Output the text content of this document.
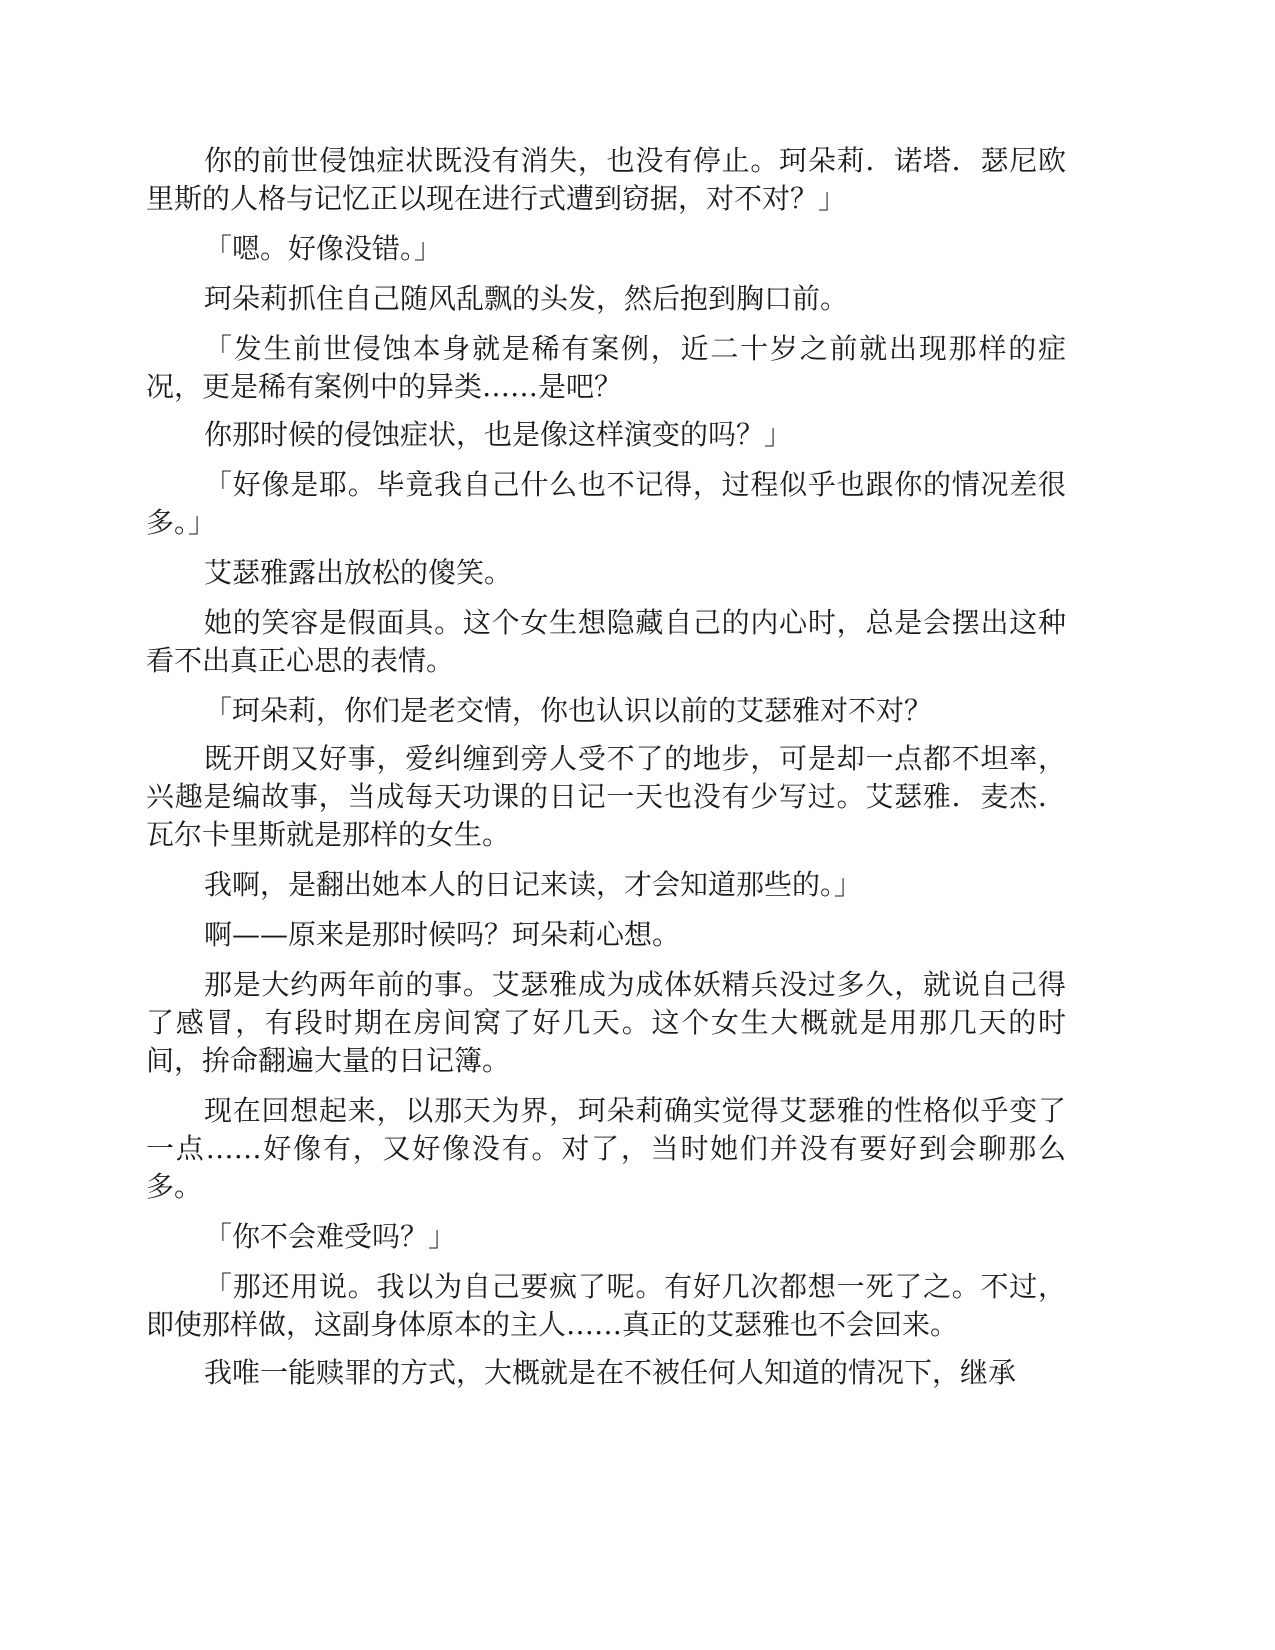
你的前世侵蚀症状既没有消失，也没有停止。珂朵莉．诺塔．瑟尼欧里斯的人格与记忆正以现在进行式遭到窃据，对不对？」

「嗯。好像没错。」

珂朵莉抓住自己随风乱飘的头发，然后抱到胸口前。

「发生前世侵蚀本身就是稀有案例，近二十岁之前就出现那样的症况，更是稀有案例中的异类……是吧？

你那时候的侵蚀症状，也是像这样演变的吗？」

「好像是耶。毕竟我自己什么也不记得，过程似乎也跟你的情况差很多。」

艾瑟雅露出放松的傻笑。

她的笑容是假面具。这个女生想隐藏自己的内心时，总是会摆出这种看不出真正心思的表情。

「珂朵莉，你们是老交情，你也认识以前的艾瑟雅对不对？

既开朗又好事，爱纠缠到旁人受不了的地步，可是却一点都不坦率，兴趣是编故事，当成每天功课的日记一天也没有少写过。艾瑟雅．麦杰．瓦尔卡里斯就是那样的女生。

我啊，是翻出她本人的日记来读，才会知道那些的。」

啊——原来是那时候吗？珂朵莉心想。

那是大约两年前的事。艾瑟雅成为成体妖精兵没过多久，就说自己得了感冒，有段时期在房间窝了好几天。这个女生大概就是用那几天的时间，拚命翻遍大量的日记簿。

现在回想起来，以那天为界，珂朵莉确实觉得艾瑟雅的性格似乎变了一点……好像有，又好像没有。对了，当时她们并没有要好到会聊那么多。

「你不会难受吗？」

「那还用说。我以为自己要疯了呢。有好几次都想一死了之。不过，即使那样做，这副身体原本的主人……真正的艾瑟雅也不会回来。

我唯一能赎罪的方式，大概就是在不被任何人知道的情况下，继承
